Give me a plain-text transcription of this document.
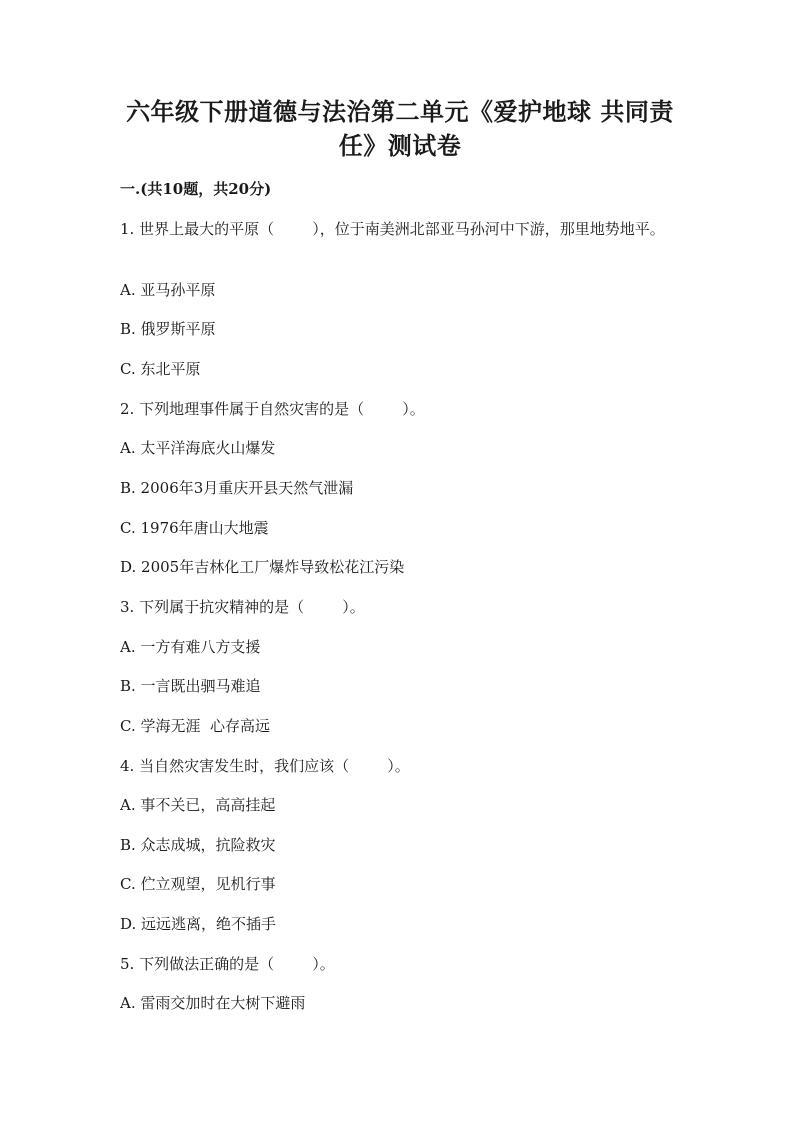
六年级下册道德与法治第二单元《爱护地球 共同责任》测试卷
一.(共10题，共20分)
1. 世界上最大的平原（        ），位于南美洲北部亚马孙河中下游，那里地势地平。
A. 亚马孙平原
B. 俄罗斯平原
C. 东北平原
2. 下列地理事件属于自然灾害的是（        ）。
A. 太平洋海底火山爆发
B. 2006年3月重庆开县天然气泄漏
C. 1976年唐山大地震
D. 2005年吉林化工厂爆炸导致松花江污染
3. 下列属于抗灾精神的是（        ）。
A. 一方有难八方支援
B. 一言既出驷马难追
C. 学海无涯  心存高远
4. 当自然灾害发生时，我们应该（        ）。
A. 事不关已，高高挂起
B. 众志成城，抗险救灾
C. 伫立观望，见机行事
D. 远远逃离，绝不插手
5. 下列做法正确的是（        ）。
A. 雷雨交加时在大树下避雨
